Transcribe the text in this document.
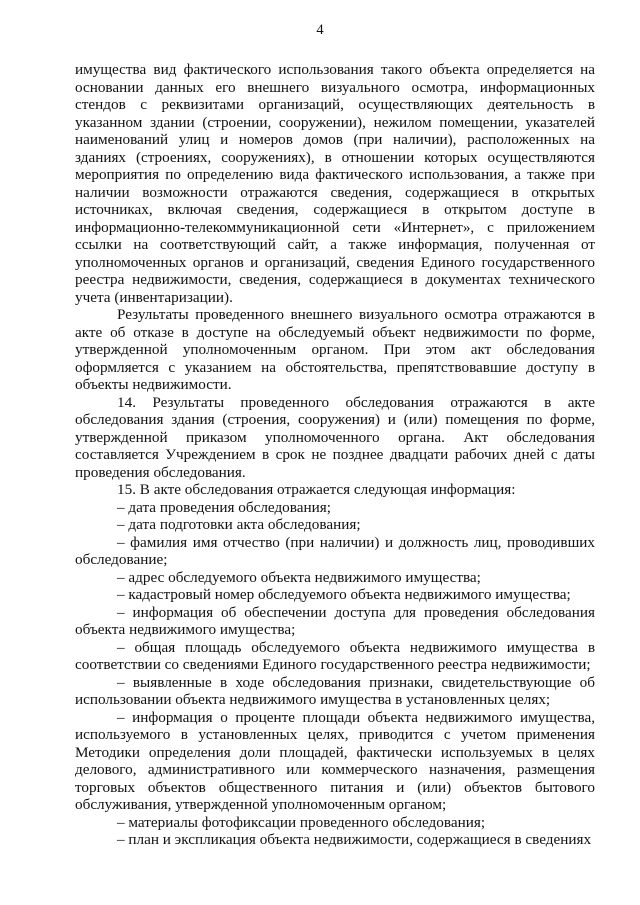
4

имущества вид фактического использования такого объекта определяется на основании данных его внешнего визуального осмотра, информационных стендов с реквизитами организаций, осуществляющих деятельность в указанном здании (строении, сооружении), нежилом помещении, указателей наименований улиц и номеров домов (при наличии), расположенных на зданиях (строениях, сооружениях), в отношении которых осуществляются мероприятия по определению вида фактического использования, а также при наличии возможности отражаются сведения, содержащиеся в открытых источниках, включая сведения, содержащиеся в открытом доступе в информационно-телекоммуникационной сети «Интернет», с приложением ссылки на соответствующий сайт, а также информация, полученная от уполномоченных органов и организаций, сведения Единого государственного реестра недвижимости, сведения, содержащиеся в документах технического учета (инвентаризации).

Результаты проведенного внешнего визуального осмотра отражаются в акте об отказе в доступе на обследуемый объект недвижимости по форме, утвержденной уполномоченным органом. При этом акт обследования оформляется с указанием на обстоятельства, препятствовавшие доступу в объекты недвижимости.

14. Результаты проведенного обследования отражаются в акте обследования здания (строения, сооружения) и (или) помещения по форме, утвержденной приказом уполномоченного органа. Акт обследования составляется Учреждением в срок не позднее двадцати рабочих дней с даты проведения обследования.

15. В акте обследования отражается следующая информация:

– дата проведения обследования;

– дата подготовки акта обследования;

– фамилия имя отчество (при наличии) и должность лиц, проводивших обследование;

– адрес обследуемого объекта недвижимого имущества;

– кадастровый номер обследуемого объекта недвижимого имущества;

– информация об обеспечении доступа для проведения обследования объекта недвижимого имущества;

– общая площадь обследуемого объекта недвижимого имущества в соответствии со сведениями Единого государственного реестра недвижимости;

– выявленные в ходе обследования признаки, свидетельствующие об использовании объекта недвижимого имущества в установленных целях;

– информация о проценте площади объекта недвижимого имущества, используемого в установленных целях, приводится с учетом применения Методики определения доли площадей, фактически используемых в целях делового, административного или коммерческого назначения, размещения торговых объектов общественного питания и (или) объектов бытового обслуживания, утвержденной уполномоченным органом;

– материалы фотофиксации проведенного обследования;

– план и экспликация объекта недвижимости, содержащиеся в сведениях
